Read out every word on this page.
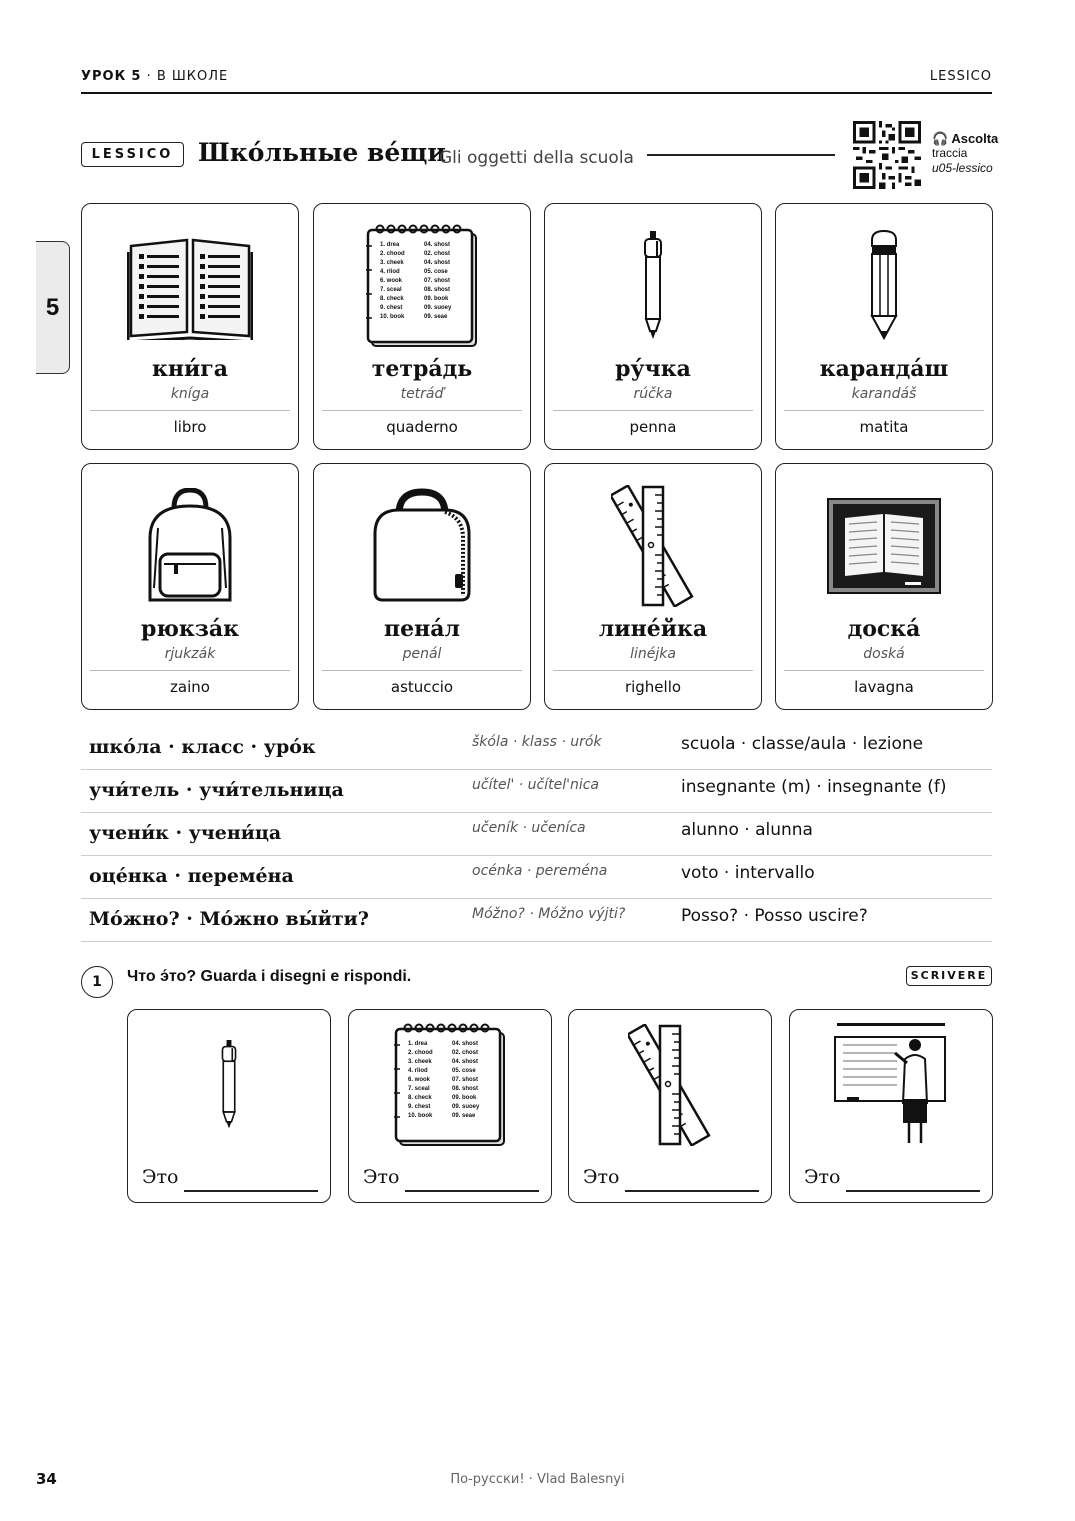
УРОК 5 · В ШКОЛЕ	LESSICO
5
LESSICO Шко́льные ве́щи
Gli oggetti della scuola
🎧 Ascolta
traccia
u05-lessico
кни́га
kníga
libro
1. drea
2. chood
3. cheek
4. rliod
6. wook
7. sceal
8. check
9. chest
10. book
04. shost
02. chost
04. shost
05. cose
07. shost
08. shost
09. book
09. suoey
09. seae
тетра́дь
tetráď
quaderno
ру́чка
rúčka
penna
каранда́ш
karandáš
matita
рюкза́к
rjukzák
zaino
пена́л
penál
astuccio
лине́йка
linéjka
righello
доска́
doská
lavagna
шко́ла · класс · уро́к	škóla · klass · urók	scuola · classe/aula · lezione
учи́тель · учи́тельница	učítel' · učítel'nica	insegnante (m) · insegnante (f)
учени́к · учени́ца	učeník · učeníca	alunno · alunna
оце́нка · переме́на	océnka · pereména	voto · intervallo
Мо́жно? · Мо́жно вы́йти?	Móžno? · Móžno výjti?	Posso? · Posso uscire?
1	Что э́то? Guarda i disegni e rispondi.	SCRIVERE
Это
1. drea
2. chood
3. cheek
4. rliod
6. wook
7. sceal
8. check
9. chest
10. book
04. shost
02. chost
04. shost
05. cose
07. shost
08. shost
09. book
09. suoey
09. seae
Это	Это	Это
34	По-русски! · Vlad Balesnyi
